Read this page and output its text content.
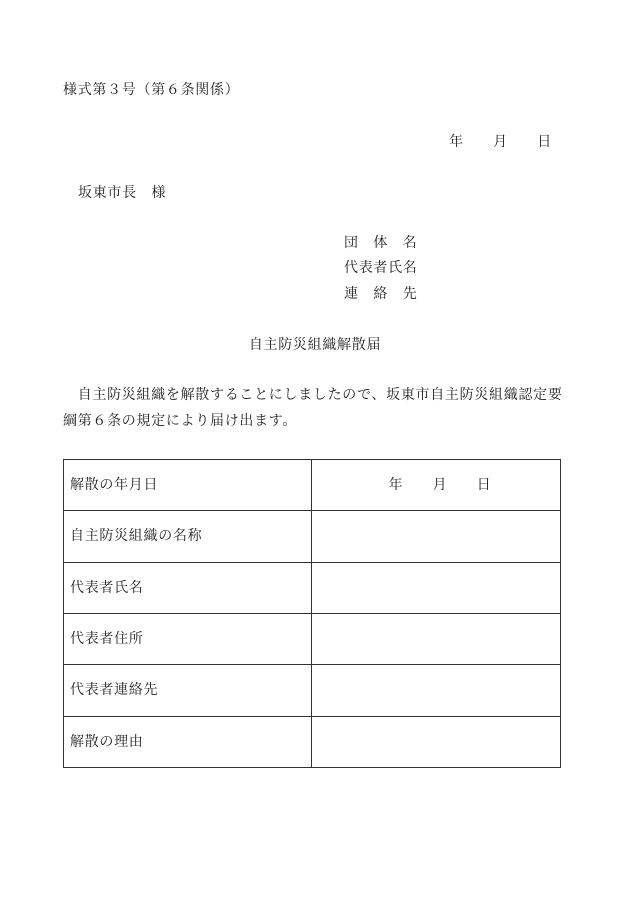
様式第３号（第６条関係）
年　　月　　日
坂東市長　様
団　体　名
代表者氏名
連　絡　先
自主防災組織解散届
　自主防災組織を解散することにしましたので、坂東市自主防災組織認定要
綱第６条の規定により届け出ます。
解散の年月日	年　　月　　日
自主防災組織の名称	
代表者氏名	
代表者住所	
代表者連絡先	
解散の理由	
